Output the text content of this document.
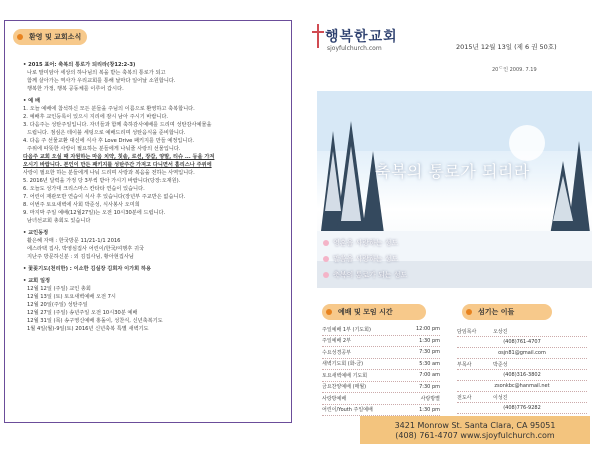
환영 및 교회소식

• 2015 표어: 축복의 통로가 되리라(창12:2-3)

나로 말미암아 세상의 하나님의 복을 받는 축복의 통로가 되고

함께 살아가는 역사가 우리교회를 통해 날마다 일어날 소원합니다.

행복한 가정, 행복 공동체를 이루어 갑시다.

• 예 배

1. 오늘 예배에 참석하신 모든 분들을 주님의 이름으로 환영하고 축복합니다.

2. 예배후 교인등록이 있으시 지리에 잠시 남아 주시기 바랍니다.

3. 다음주는 성탄주일입니다. 자녀들과 함께 축하감사예배를 드리며 성탄감사예물을

드립니다. 점심은 테이블 세팅으로 예배드리며 성탄음식을 준비합니다.

4. 다음 주 선물교환 대신에 식사 후 Love Drive 패키지를 만들 예정입니다.

주위에 따뜻한 사랑이 필요하는 분들에게 나눠줄 사랑의 선물입니다.

다음주 교회 오실 때 자원하는 마음 치약, 칫솔, 로션, 장갑, 양말, 티슈 ... 등을 가져

오시기 바랍니다. 본인이 만든 패키지를 성탄주간 가져고 다니면서 홈리스나 주위에

사랑이 필요한 하는 분들에게 나눠 드리며 사랑과 복음을 전하는 사역입니다.

5. 2016년 달력을 가정 당 3부씩 받아 가시기 바랍니다(당장:오재원).

6. 오늘도 성가대 크리스마스 칸타타 연습이 있습니다.

7. 어린이 재관모반 연습이 식사 후 있습니다(장년부 주교반은 없습니다.

8. 이번주 토요새벽에 사회 박준성, 식사봉사 오미희

9. 마지막 주일 예배(12월27일)는 오전 10시30분에 드립니다.

남녀선교회 총회도 있습니다

• 교인동정

활은혜 자매 : 한국방문 11/21-1/1 2016

에스라택 집사, 박영심집사 어린이/한국/여행후 귀국

지난주 방문하신분 : 외 김집사님, 황아현집사님

• 꽃꽂기도(천리한) : 이소한 김실장 김희자 이가희 하용

• 교회 일정

12월 12일 (주일) 교인 총회

12월 13일 (토) 토요새벽예배 오전 7시

12월 20일(주일) 성탄주일

12월 27일 (주일) 송년주일 오전 10시30분 예배

12월 31일 (목) 송구영신예배 홍돌이, 성찬식, 신년축복기도

1월 4일(월)-9일(토) 2016년 신년축복 특별 새벽기도

행복한교회
sjoyfulchurch.com	2015년 12월 13일 (제 6 권 50호)
20ᄃ인 2009. 7.19
축복의 통로가 되리라
영혼을 사랑하는 성도
말씀을 사랑하는 성도
축복의 통로가 되는 성도
예배 및 모임 시간
주일예배 1부 (기도회)	12:00 pm
주일예배 2부	1:30 pm
수요성경공부	7:30 pm
새벽기도회 (화-금)	5:30 am
토요새벽예배 기도회	7:00 am
금요찬양예배 (매월)	7:30 pm
사랑방예배	사랑방별
어린이/Youth 주일예배	1:30 pm
섬기는 이들
담임목사	오상진
(408)761-4707
osjn81@gmail.com
부목사	박준성
(408)316-3802
zsonkbc@hanmail.net
전도사	이성진
(408)776-9282
3421 Monrow St. Santa Clara, CA 95051
(408) 761-4707 www.sjoyfulchurch.com
